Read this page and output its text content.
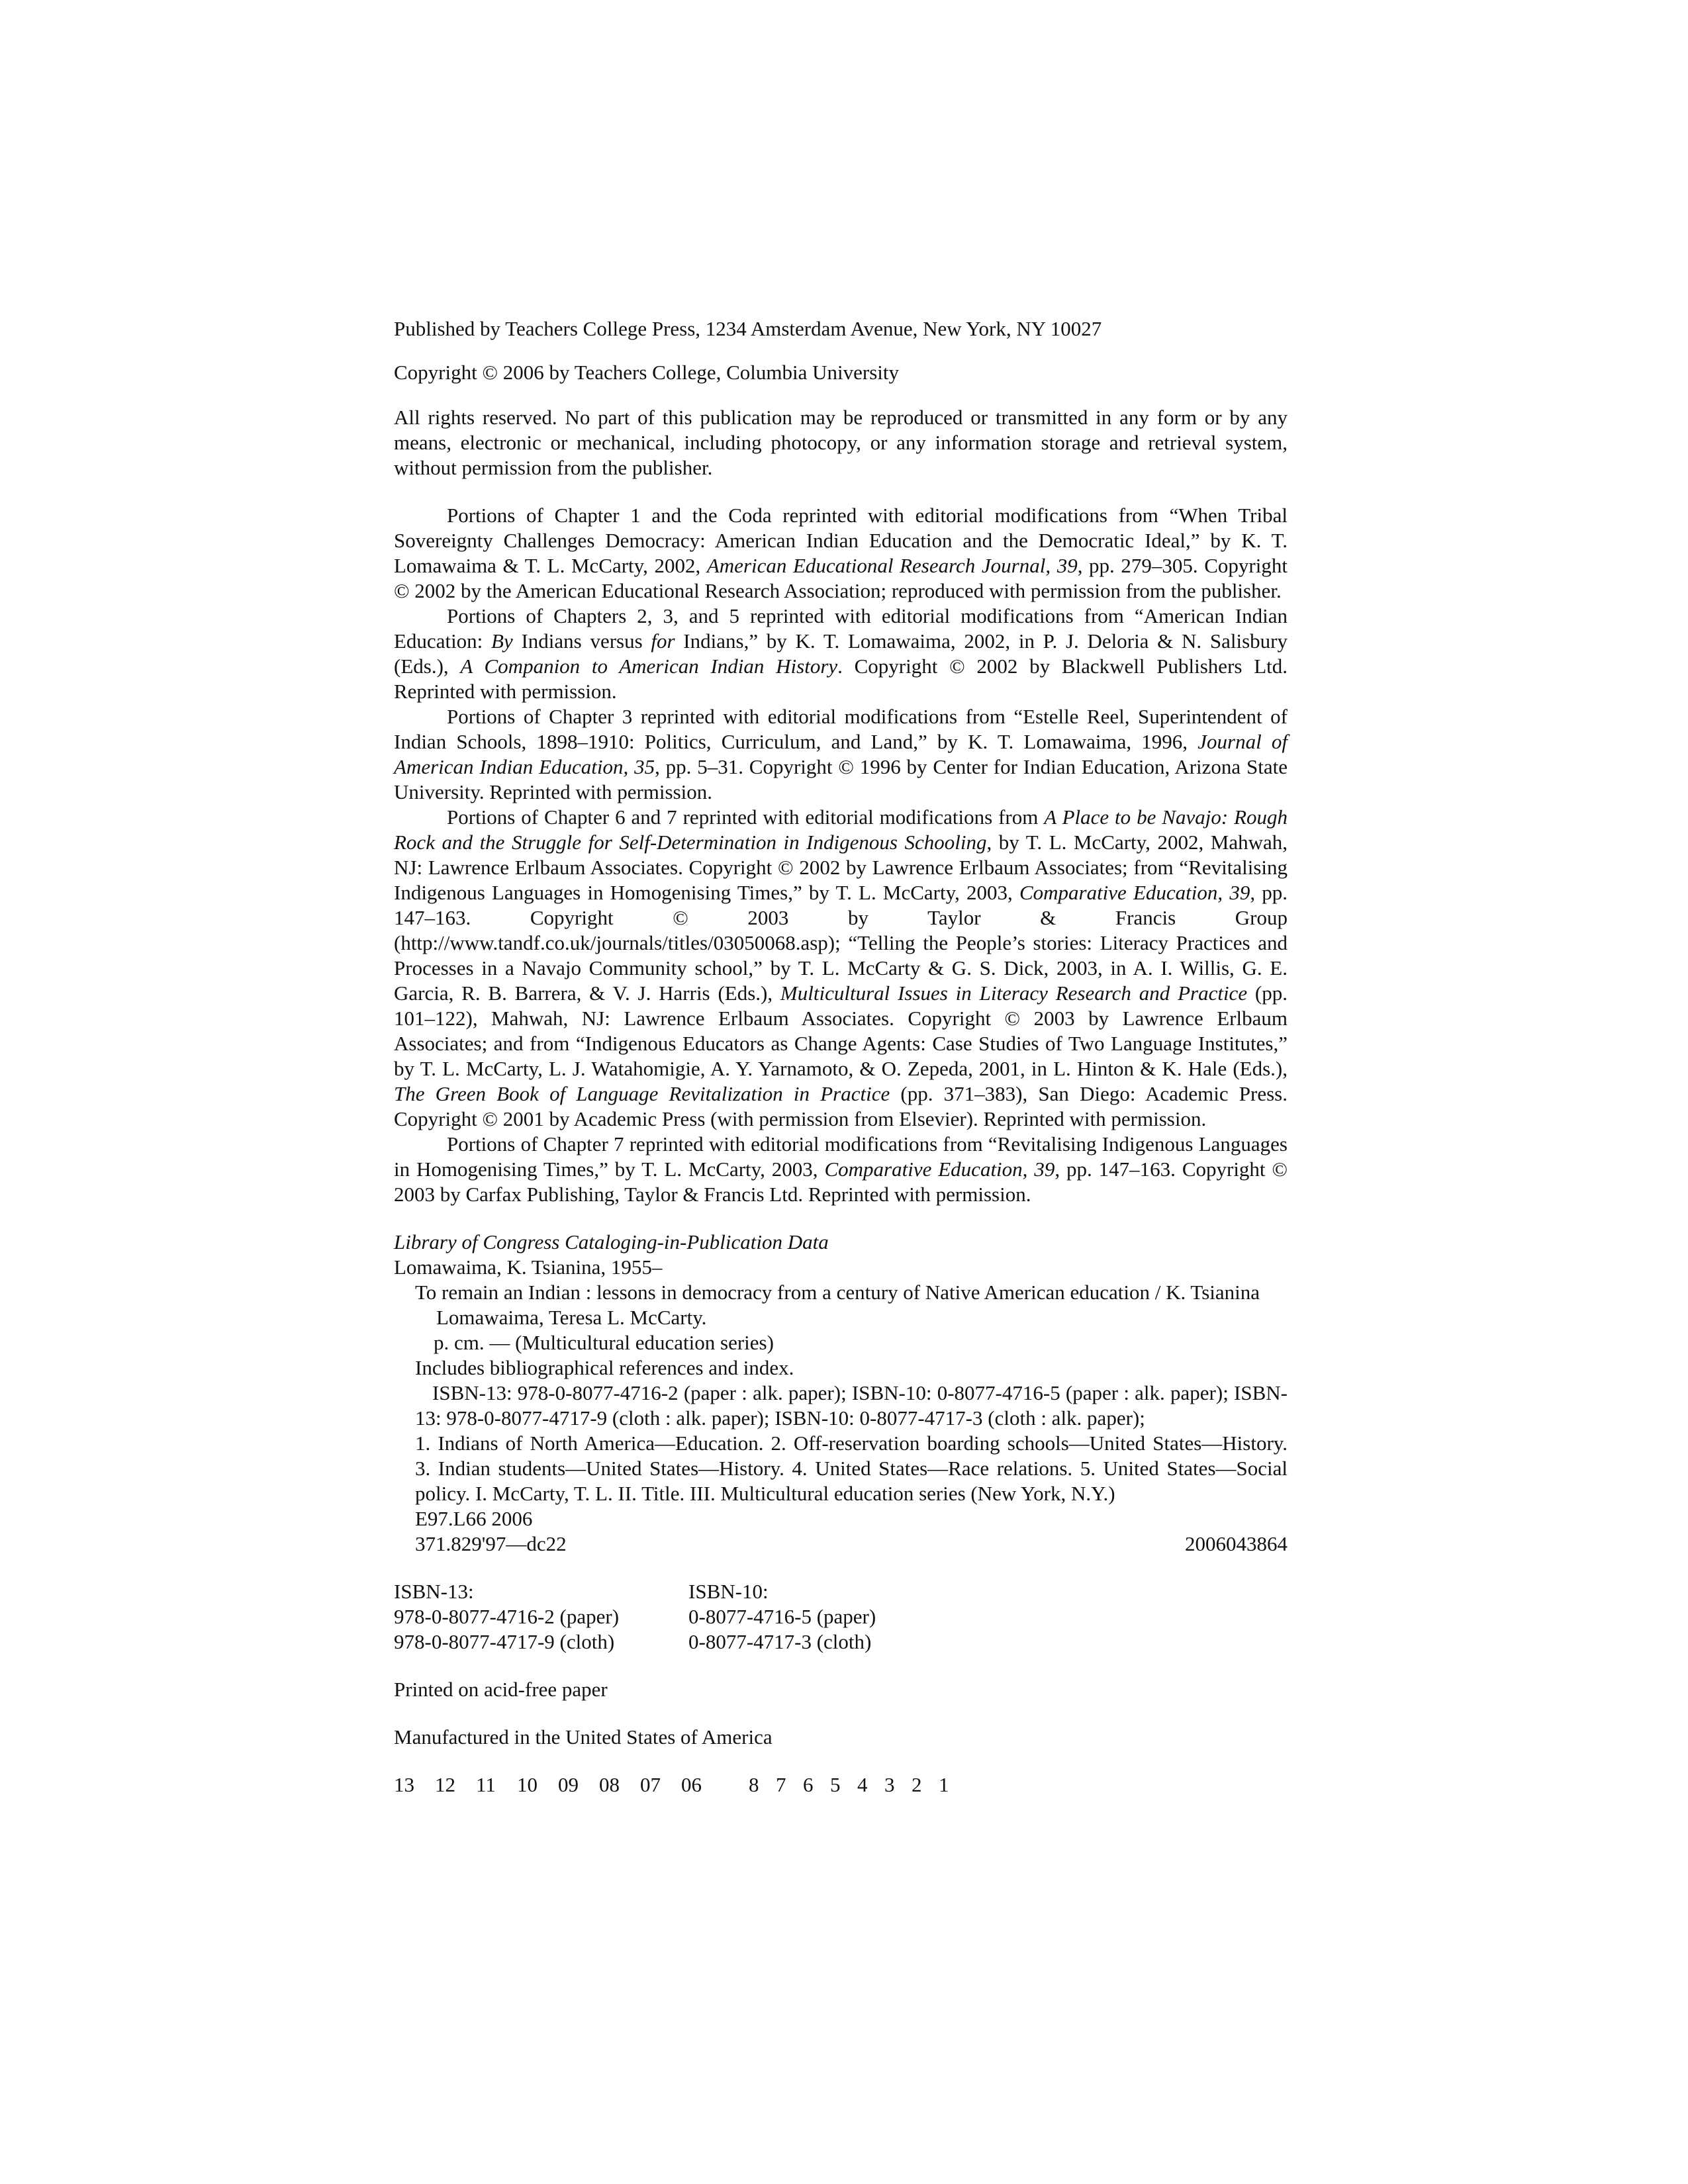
Published by Teachers College Press, 1234 Amsterdam Avenue, New York, NY 10027

Copyright © 2006 by Teachers College, Columbia University

All rights reserved. No part of this publication may be reproduced or transmitted in any form or by any means, electronic or mechanical, including photocopy, or any information storage and retrieval system, without permission from the publisher.

Portions of Chapter 1 and the Coda reprinted with editorial modifications from “When Tribal Sovereignty Challenges Democracy: American Indian Education and the Democratic Ideal,” by K. T. Lomawaima & T. L. McCarty, 2002, American Educational Research Journal, 39, pp. 279–305. Copyright © 2002 by the American Educational Research Association; reproduced with permission from the publisher.

Portions of Chapters 2, 3, and 5 reprinted with editorial modifications from “American Indian Education: By Indians versus for Indians,” by K. T. Lomawaima, 2002, in P. J. Deloria & N. Salisbury (Eds.), A Companion to American Indian History. Copyright © 2002 by Blackwell Publishers Ltd. Reprinted with permission.

Portions of Chapter 3 reprinted with editorial modifications from “Estelle Reel, Superintendent of Indian Schools, 1898–1910: Politics, Curriculum, and Land,” by K. T. Lomawaima, 1996, Journal of American Indian Education, 35, pp. 5–31. Copyright © 1996 by Center for Indian Education, Arizona State University. Reprinted with permission.

Portions of Chapter 6 and 7 reprinted with editorial modifications from A Place to be Navajo: Rough Rock and the Struggle for Self-Determination in Indigenous Schooling, by T. L. McCarty, 2002, Mahwah, NJ: Lawrence Erlbaum Associates. Copyright © 2002 by Lawrence Erlbaum Associates; from “Revitalising Indigenous Languages in Homogenising Times,” by T. L. McCarty, 2003, Comparative Education, 39, pp. 147–163. Copyright © 2003 by Taylor & Francis Group (http://www.tandf.co.uk/journals/titles/03050068.asp); “Telling the People’s stories: Literacy Practices and Processes in a Navajo Community school,” by T. L. McCarty & G. S. Dick, 2003, in A. I. Willis, G. E. Garcia, R. B. Barrera, & V. J. Harris (Eds.), Multicultural Issues in Literacy Research and Practice (pp. 101–122), Mahwah, NJ: Lawrence Erlbaum Associates. Copyright © 2003 by Lawrence Erlbaum Associates; and from “Indigenous Educators as Change Agents: Case Studies of Two Language Institutes,” by T. L. McCarty, L. J. Watahomigie, A. Y. Yarnamoto, & O. Zepeda, 2001, in L. Hinton & K. Hale (Eds.), The Green Book of Language Revitalization in Practice (pp. 371–383), San Diego: Academic Press. Copyright © 2001 by Academic Press (with permission from Elsevier). Reprinted with permission.

Portions of Chapter 7 reprinted with editorial modifications from “Revitalising Indigenous Languages in Homogenising Times,” by T. L. McCarty, 2003, Comparative Education, 39, pp. 147–163. Copyright © 2003 by Carfax Publishing, Taylor & Francis Ltd. Reprinted with permission.

Library of Congress Cataloging-in-Publication Data

Lomawaima, K. Tsianina, 1955–

To remain an Indian : lessons in democracy from a century of Native American education / K. Tsianina Lomawaima, Teresa L. McCarty.

p. cm. — (Multicultural education series)

Includes bibliographical references and index.

ISBN-13: 978-0-8077-4716-2 (paper : alk. paper); ISBN-10: 0-8077-4716-5 (paper : alk. paper); ISBN-13: 978-0-8077-4717-9 (cloth : alk. paper); ISBN-10: 0-8077-4717-3 (cloth : alk. paper);

1. Indians of North America—Education. 2. Off-reservation boarding schools—United States—History. 3. Indian students—United States—History. 4. United States—Race relations. 5. United States—Social policy. I. McCarty, T. L. II. Title. III. Multicultural education series (New York, N.Y.)

E97.L66 2006

371.829'97—dc22	2006043864
ISBN-13:	ISBN-10:
978-0-8077-4716-2 (paper)	0-8077-4716-5 (paper)
978-0-8077-4717-9 (cloth)	0-8077-4717-3 (cloth)

Printed on acid-free paper

Manufactured in the United States of America

13	12	11	10	09	08	07	06	8 7 6 5 4 3 2 1
